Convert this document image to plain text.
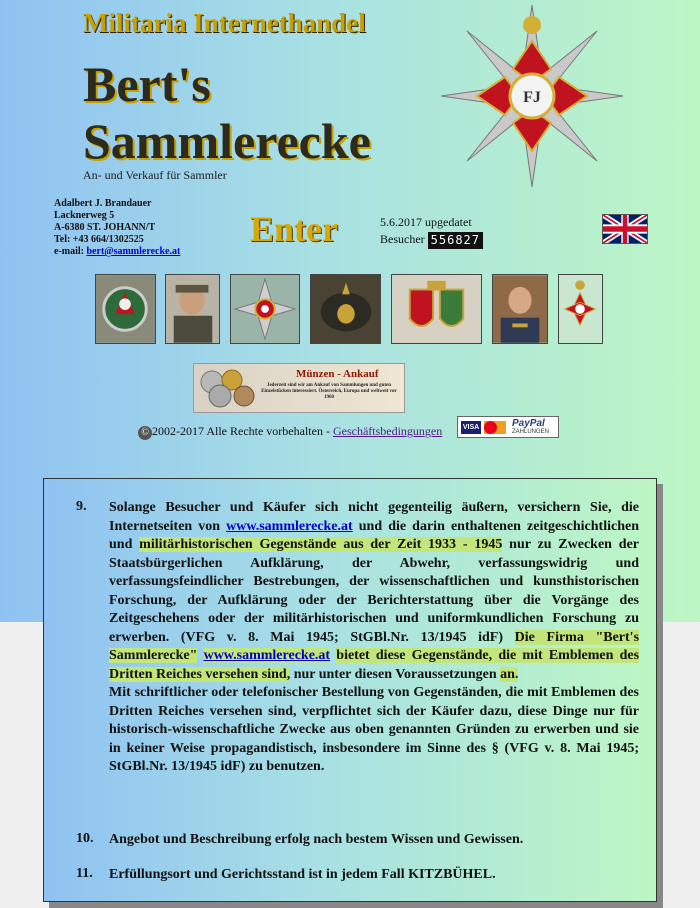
Militaria Internethandel
Bert's
Sammlerecke
An- und Verkauf für Sammler
FJ
Adalbert J. Brandauer
Lacknerweg 5
A-6380 ST. JOHANN/T
Tel: +43 664/1302525
e-mail: bert@sammlerecke.at
Enter	5.6.2017 upgedatet
Besucher 556827
Münzen - Ankauf
Jederzeit sind wir am Ankauf von Sammlungen und guten Einzelstücken interessiert. Österreich, Europa und weltweit vor 1960
© 2002-2017 Alle Rechte vorbehalten - Geschäftsbedingungen	VISA	PayPal
ZAHLUNGEN
9. Solange Besucher und Käufer sich nicht gegenteilig äußern, versichern Sie, die Internetseiten von www.sammlerecke.at und die darin enthaltenen zeitgeschichtlichen und militärhistorischen Gegenstände aus der Zeit 1933 - 1945 nur zu Zwecken der Staatsbürgerlichen Aufklärung, der Abwehr, verfassungswidrig und verfassungsfeindlicher Bestrebungen, der wissenschaftlichen und kunsthistorischen Forschung, der Aufklärung oder der Berichterstattung über die Vorgänge des Zeitgeschehens oder der militärhistorischen und uniformkundlichen Forschung zu erwerben. (VFG v. 8. Mai 1945; StGBl.Nr. 13/1945 idF) Die Firma "Bert's Sammlerecke" www.sammlerecke.at bietet diese Gegenstände, die mit Emblemen des Dritten Reiches versehen sind, nur unter diesen Voraussetzungen an.

Mit schriftlicher oder telefonischer Bestellung von Gegenständen, die mit Emblemen des Dritten Reiches versehen sind, verpflichtet sich der Käufer dazu, diese Dinge nur für historisch-wissenschaftliche Zwecke aus oben genannten Gründen zu erwerben und sie in keiner Weise propagandistisch, insbesondere im Sinne des § (VFG v. 8. Mai 1945; StGBl.Nr. 13/1945 idF) zu benutzen.

10. Angebot und Beschreibung erfolg nach bestem Wissen und Gewissen.

11. Erfüllungsort und Gerichtsstand ist in jedem Fall KITZBÜHEL.
